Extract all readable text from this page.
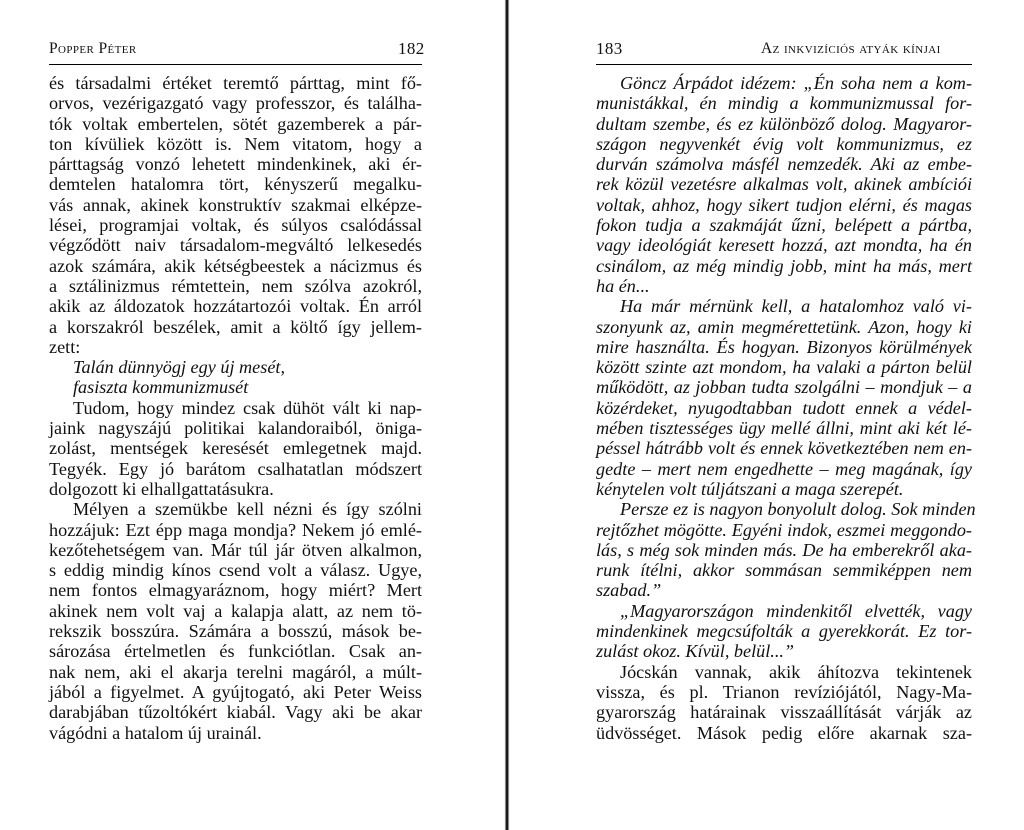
Popper Péter	182
és társadalmi értéket teremtő párttag, mint fő-
orvos, vezérigazgató vagy professzor, és találha-
tók voltak embertelen, sötét gazemberek a pár-
ton kívüliek között is. Nem vitatom, hogy a
párttagság vonzó lehetett mindenkinek, aki ér-
demtelen hatalomra tört, kényszerű megalku-
vás annak, akinek konstruktív szakmai elképze-
lései, programjai voltak, és súlyos csalódással
végződött naiv társadalom-megváltó lelkesedés
azok számára, akik kétségbeestek a nácizmus és
a sztálinizmus rémtettein, nem szólva azokról,
akik az áldozatok hozzátartozói voltak. Én arról
a korszakról beszélek, amit a költő így jellem-
zett:
Talán dünnyögj egy új mesét,
fasiszta kommunizmusét
Tudom, hogy mindez csak dühöt vált ki nap-
jaink nagyszájú politikai kalandoraiból, öniga-
zolást, mentségek keresését emlegetnek majd.
Tegyék. Egy jó barátom csalhatatlan módszert
dolgozott ki elhallgattatásukra.
Mélyen a szemükbe kell nézni és így szólni
hozzájuk: Ezt épp maga mondja? Nekem jó emlé-
kezőtehetségem van. Már túl jár ötven alkalmon,
s eddig mindig kínos csend volt a válasz. Ugye,
nem fontos elmagyaráznom, hogy miért? Mert
akinek nem volt vaj a kalapja alatt, az nem tö-
rekszik bosszúra. Számára a bosszú, mások be-
sározása értelmetlen és funkciótlan. Csak an-
nak nem, aki el akarja terelni magáról, a múlt-
jából a figyelmet. A gyújtogató, aki Peter Weiss
darabjában tűzoltókért kiabál. Vagy aki be akar
vágódni a hatalom új urainál.
183	Az inkvizíciós atyák kínjai
Göncz Árpádot idézem: „Én soha nem a kom-
munistákkal, én mindig a kommunizmussal for-
dultam szembe, és ez különböző dolog. Magyaror-
szágon negyvenkét évig volt kommunizmus, ez
durván számolva másfél nemzedék. Aki az embe-
rek közül vezetésre alkalmas volt, akinek ambíciói
voltak, ahhoz, hogy sikert tudjon elérni, és magas
fokon tudja a szakmáját űzni, belépett a pártba,
vagy ideológiát keresett hozzá, azt mondta, ha én
csinálom, az még mindig jobb, mint ha más, mert
ha én...
Ha már mérnünk kell, a hatalomhoz való vi-
szonyunk az, amin megmérettetünk. Azon, hogy ki
mire használta. És hogyan. Bizonyos körülmények
között szinte azt mondom, ha valaki a párton belül
működött, az jobban tudta szolgálni – mondjuk – a
közérdeket, nyugodtabban tudott ennek a védel-
mében tisztességes ügy mellé állni, mint aki két lé-
péssel hátrább volt és ennek következtében nem en-
gedte – mert nem engedhette – meg magának, így
kénytelen volt túljátszani a maga szerepét.
Persze ez is nagyon bonyolult dolog. Sok minden
rejtőzhet mögötte. Egyéni indok, eszmei meggondo-
lás, s még sok minden más. De ha emberekről aka-
runk ítélni, akkor sommásan semmiképpen nem
szabad.”
„Magyarországon mindenkitől elvették, vagy
mindenkinek megcsúfolták a gyerekkorát. Ez tor-
zulást okoz. Kívül, belül...”
Jócskán vannak, akik áhítozva tekintenek
vissza, és pl. Trianon revíziójától, Nagy-Ma-
gyarország határainak visszaállítását várják az
üdvösséget. Mások pedig előre akarnak sza-
